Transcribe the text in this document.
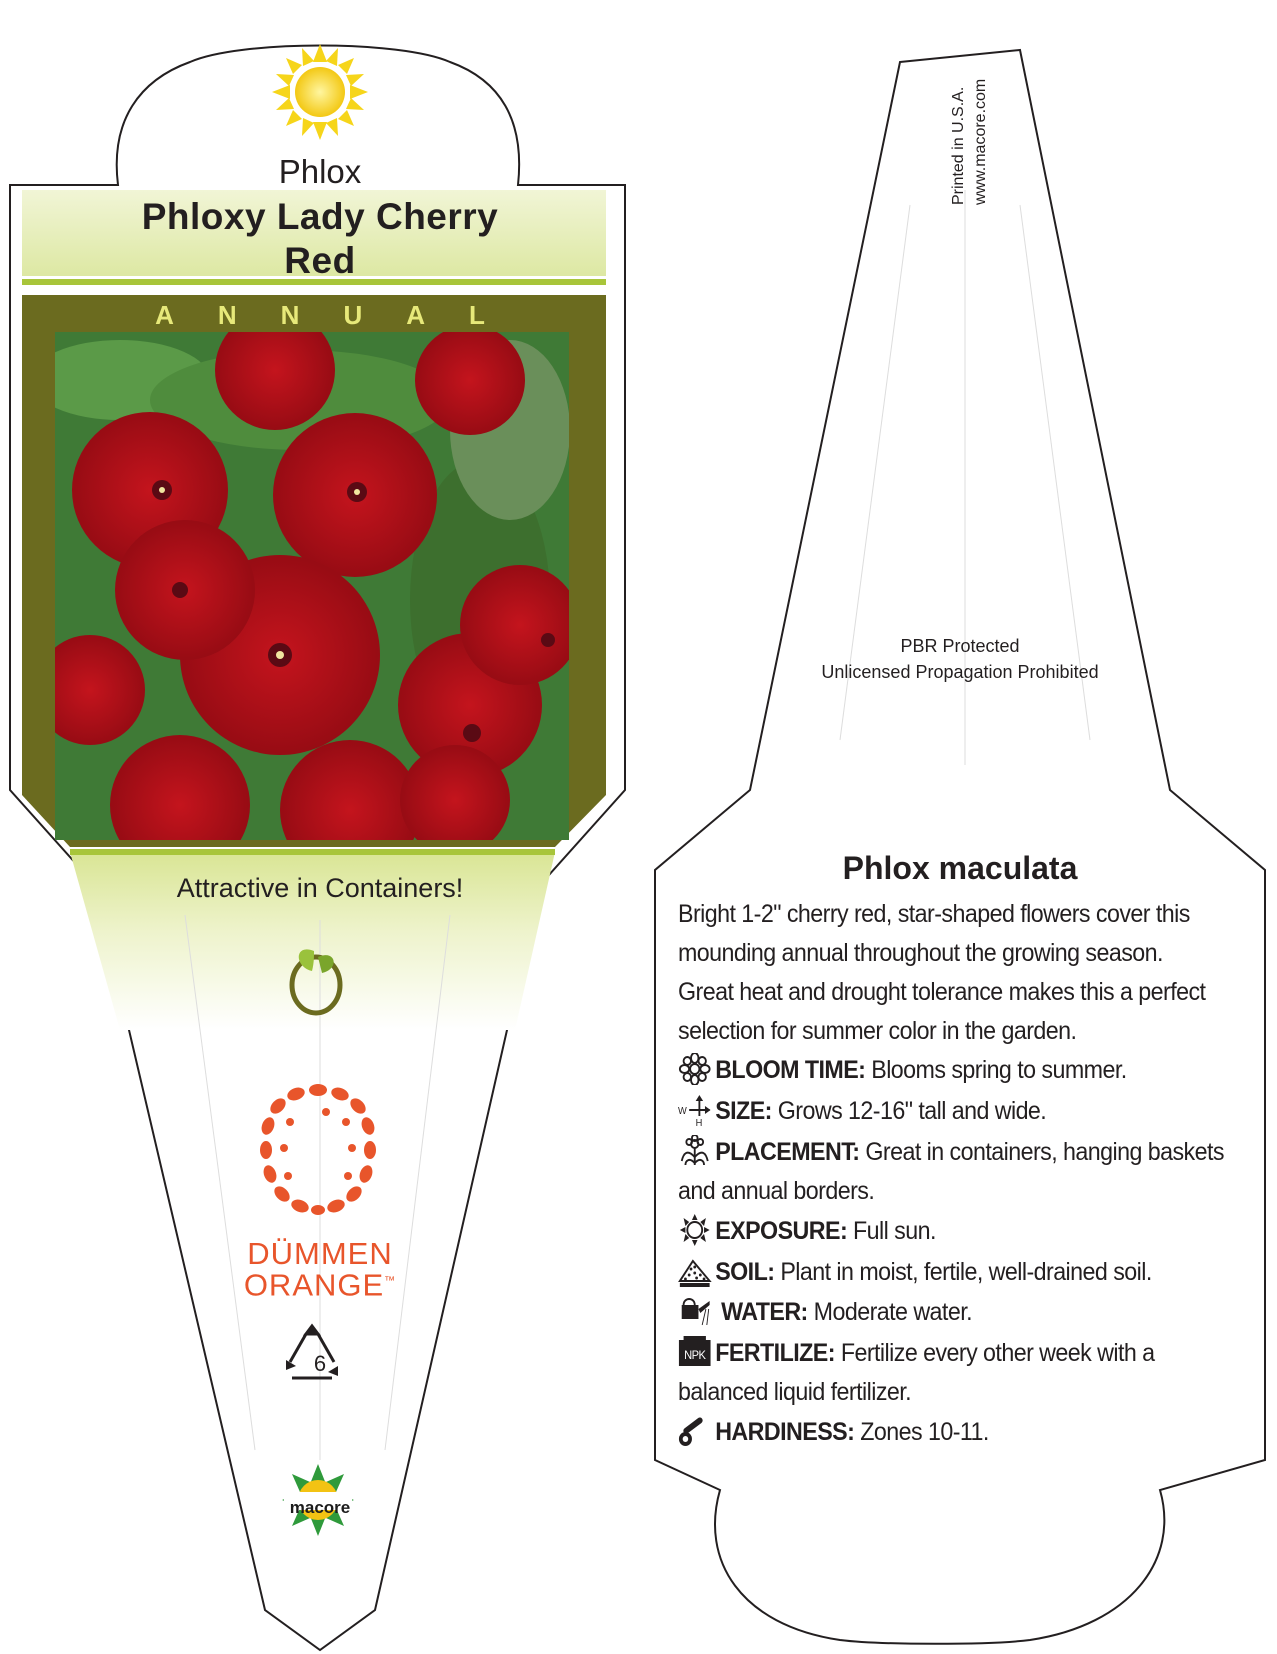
Phlox
Phloxy Lady Cherry
Red
ANNUAL
Attractive in Containers!
DÜMMEN
ORANGE™
6
macore
Printed in U.S.A. www.macore.com
PBR Protected
Unlicensed Propagation Prohibited
Phlox maculata
Bright 1-2" cherry red, star-shaped flowers cover this
mounding annual throughout the growing season.
Great heat and drought tolerance makes this a perfect
selection for summer color in the garden.
BLOOM TIME: Blooms spring to summer.
W
H SIZE: Grows 12-16" tall and wide.
PLACEMENT: Great in containers, hanging baskets
and annual borders.
EXPOSURE: Full sun.
SOIL: Plant in moist, fertile, well-drained soil.
WATER: Moderate water.
NPK FERTILIZE: Fertilize every other week with a
balanced liquid fertilizer.
HARDINESS: Zones 10-11.
